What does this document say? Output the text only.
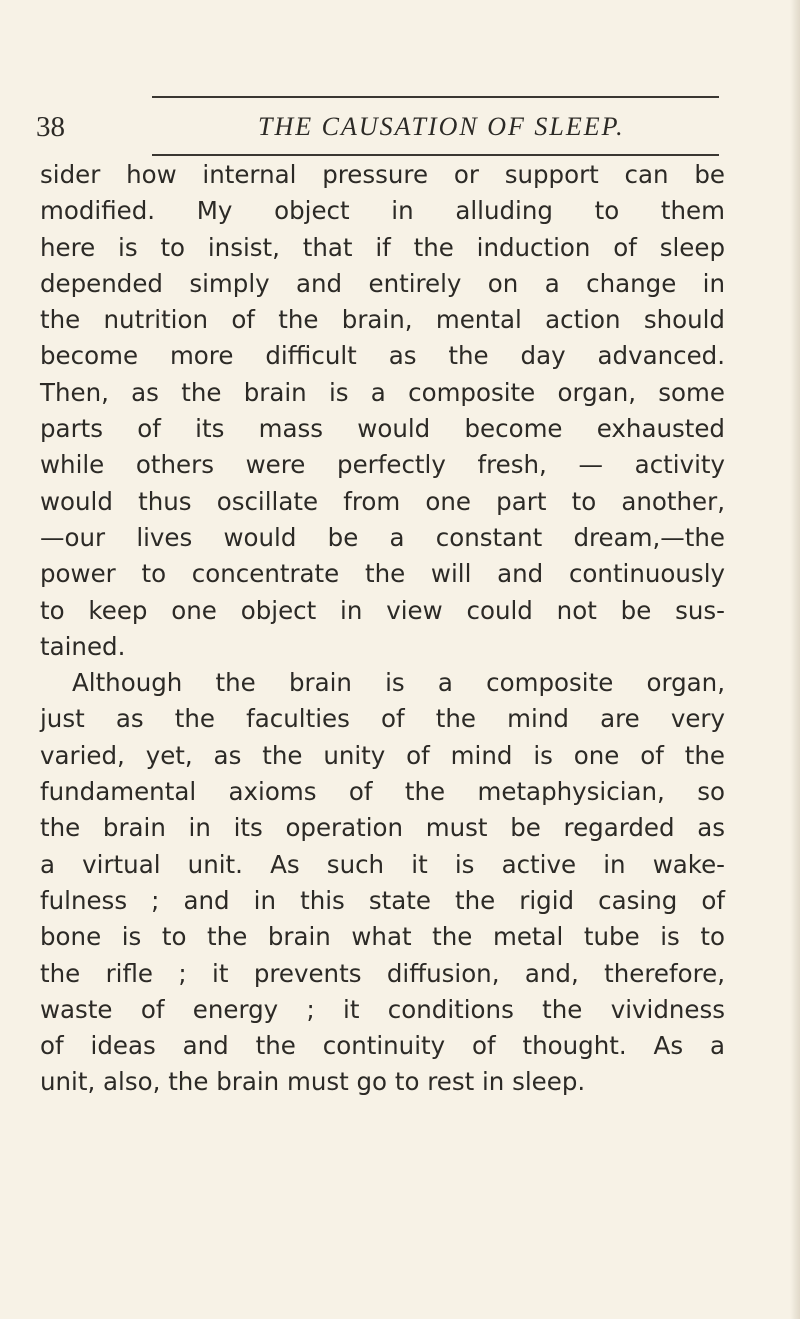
38	THE CAUSATION OF SLEEP.
sider how internal pressure or support can be
modified. My object in alluding to them
here is to insist, that if the induction of sleep
depended simply and entirely on a change in
the nutrition of the brain, mental action should
become more difficult as the day advanced.
Then, as the brain is a composite organ, some
parts of its mass would become exhausted
while others were perfectly fresh, — activity
would thus oscillate from one part to another,
—our lives would be a constant dream,—the
power to concentrate the will and continuously
to keep one object in view could not be sus-
tained.
Although the brain is a composite organ,
just as the faculties of the mind are very
varied, yet, as the unity of mind is one of the
fundamental axioms of the metaphysician, so
the brain in its operation must be regarded as
a virtual unit. As such it is active in wake-
fulness ; and in this state the rigid casing of
bone is to the brain what the metal tube is to
the rifle ; it prevents diffusion, and, therefore,
waste of energy ; it conditions the vividness
of ideas and the continuity of thought. As a
unit, also, the brain must go to rest in sleep.
